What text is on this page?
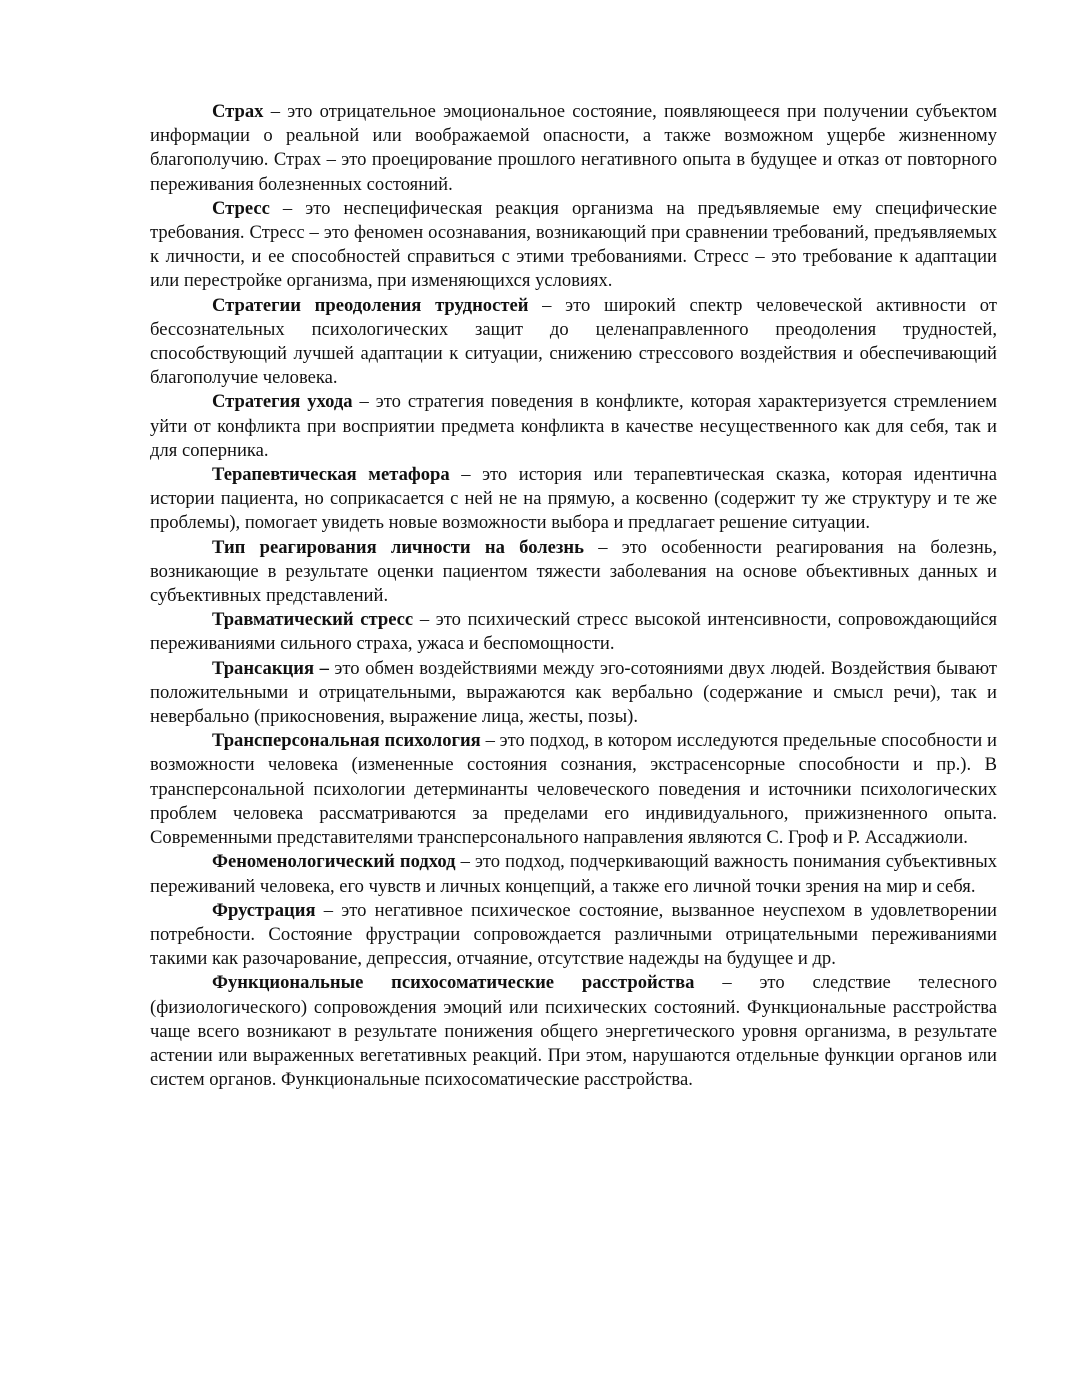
Страх – это отрицательное эмоциональное состояние, появляющееся при получении субъектом информации о реальной или воображаемой опасности, а также возможном ущербе жизненному благополучию. Страх – это проецирование прошлого негативного опыта в будущее и отказ от повторного переживания болезненных состояний.

Стресс – это неспецифическая реакция организма на предъявляемые ему специфические требования. Стресс – это феномен осознавания, возникающий при сравнении требований, предъявляемых к личности, и ее способностей справиться с этими требованиями. Стресс – это требование к адаптации или перестройке организма, при изменяющихся условиях.

Стратегии преодоления трудностей – это широкий спектр человеческой активности от бессознательных психологических защит до целенаправленного преодоления трудностей, способствующий лучшей адаптации к ситуации, снижению стрессового воздействия и обеспечивающий благополучие человека.

Стратегия ухода – это стратегия поведения в конфликте, которая характеризуется стремлением уйти от конфликта при восприятии предмета конфликта в качестве несущественного как для себя, так и для соперника.

Терапевтическая метафора – это история или терапевтическая сказка, которая идентична истории пациента, но соприкасается с ней не на прямую, а косвенно (содержит ту же структуру и те же проблемы), помогает увидеть новые возможности выбора и предлагает решение ситуации.

Тип реагирования личности на болезнь – это особенности реагирования на болезнь, возникающие в результате оценки пациентом тяжести заболевания на основе объективных данных и субъективных представлений.

Травматический стресс – это психический стресс высокой интенсивности, сопровождающийся переживаниями сильного страха, ужаса и беспомощности.

Трансакция – это обмен воздействиями между эго-сотояниями двух людей. Воздействия бывают положительными и отрицательными, выражаются как вербально (содержание и смысл речи), так и невербально (прикосновения, выражение лица, жесты, позы).

Трансперсональная психология – это подход, в котором исследуются предельные способности и возможности человека (измененные состояния сознания, экстрасенсорные способности и пр.). В трансперсональной психологии детерминанты человеческого поведения и источники психологических проблем человека рассматриваются за пределами его индивидуального, прижизненного опыта. Современными представителями трансперсонального направления являются С. Гроф и Р. Ассаджиоли.

Феноменологический подход – это подход, подчеркивающий важность понимания субъективных переживаний человека, его чувств и личных концепций, а также его личной точки зрения на мир и себя.

Фрустрация – это негативное психическое состояние, вызванное неуспехом в удовлетворении потребности. Состояние фрустрации сопровождается различными отрицательными переживаниями такими как разочарование, депрессия, отчаяние, отсутствие надежды на будущее и др.

Функциональные психосоматические расстройства – это следствие телесного (физиологического) сопровождения эмоций или психических состояний. Функциональные расстройства чаще всего возникают в результате понижения общего энергетического уровня организма, в результате астении или выраженных вегетативных реакций. При этом, нарушаются отдельные функции органов или систем органов. Функциональные психосоматические расстройства.
